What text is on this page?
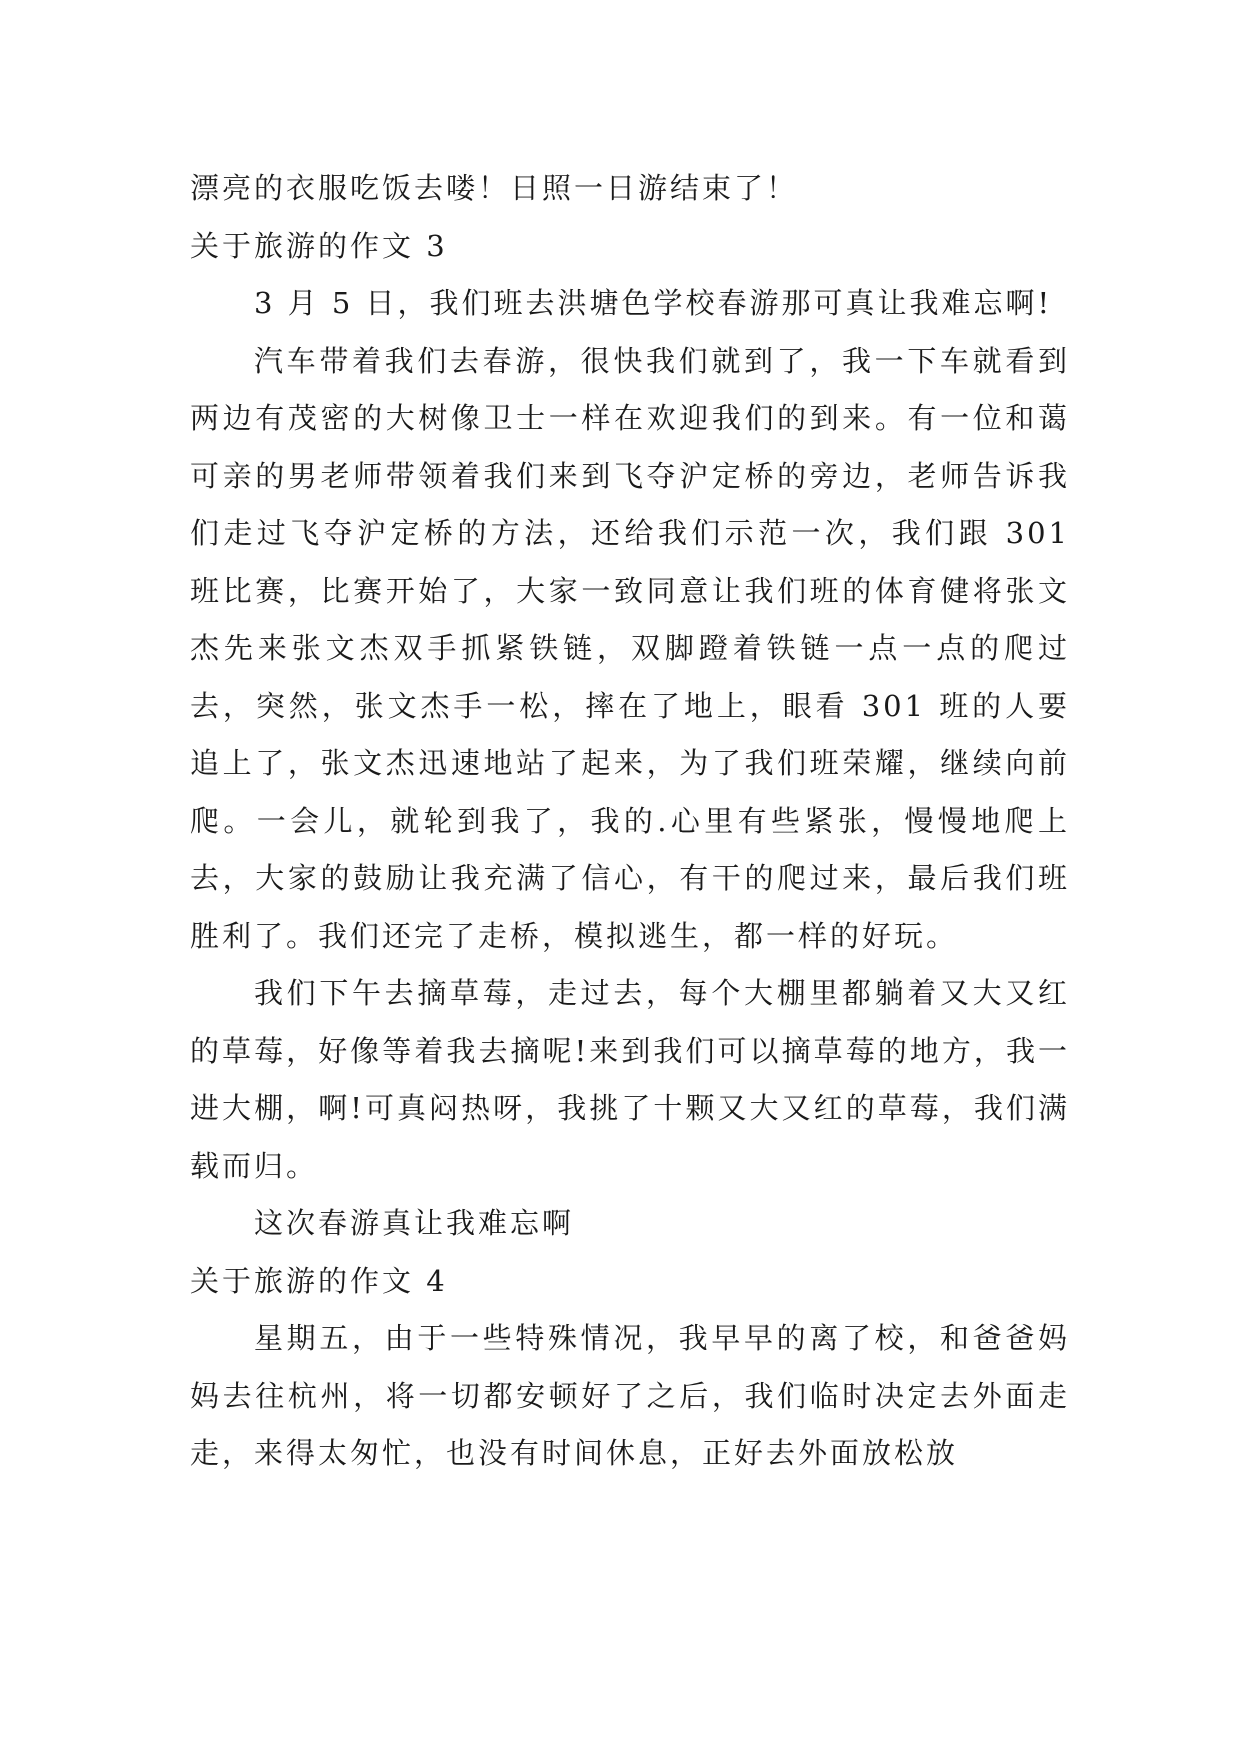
漂亮的衣服吃饭去喽！日照一日游结束了！

关于旅游的作文 3

3 月 5 日，我们班去洪塘色学校春游那可真让我难忘啊!

汽车带着我们去春游，很快我们就到了，我一下车就看到两边有茂密的大树像卫士一样在欢迎我们的到来。有一位和蔼可亲的男老师带领着我们来到飞夺沪定桥的旁边，老师告诉我们走过飞夺沪定桥的方法，还给我们示范一次，我们跟 301 班比赛，比赛开始了，大家一致同意让我们班的体育健将张文杰先来张文杰双手抓紧铁链，双脚蹬着铁链一点一点的爬过去，突然，张文杰手一松，摔在了地上，眼看 301 班的人要追上了，张文杰迅速地站了起来，为了我们班荣耀，继续向前爬。一会儿，就轮到我了，我的.心里有些紧张，慢慢地爬上去，大家的鼓励让我充满了信心，有干的爬过来，最后我们班胜利了。我们还完了走桥，模拟逃生，都一样的好玩。

我们下午去摘草莓，走过去，每个大棚里都躺着又大又红的草莓，好像等着我去摘呢!来到我们可以摘草莓的地方，我一进大棚，啊!可真闷热呀，我挑了十颗又大又红的草莓，我们满载而归。

这次春游真让我难忘啊

关于旅游的作文 4

星期五，由于一些特殊情况，我早早的离了校，和爸爸妈妈去往杭州，将一切都安顿好了之后，我们临时决定去外面走走，来得太匆忙，也没有时间休息，正好去外面放松放
